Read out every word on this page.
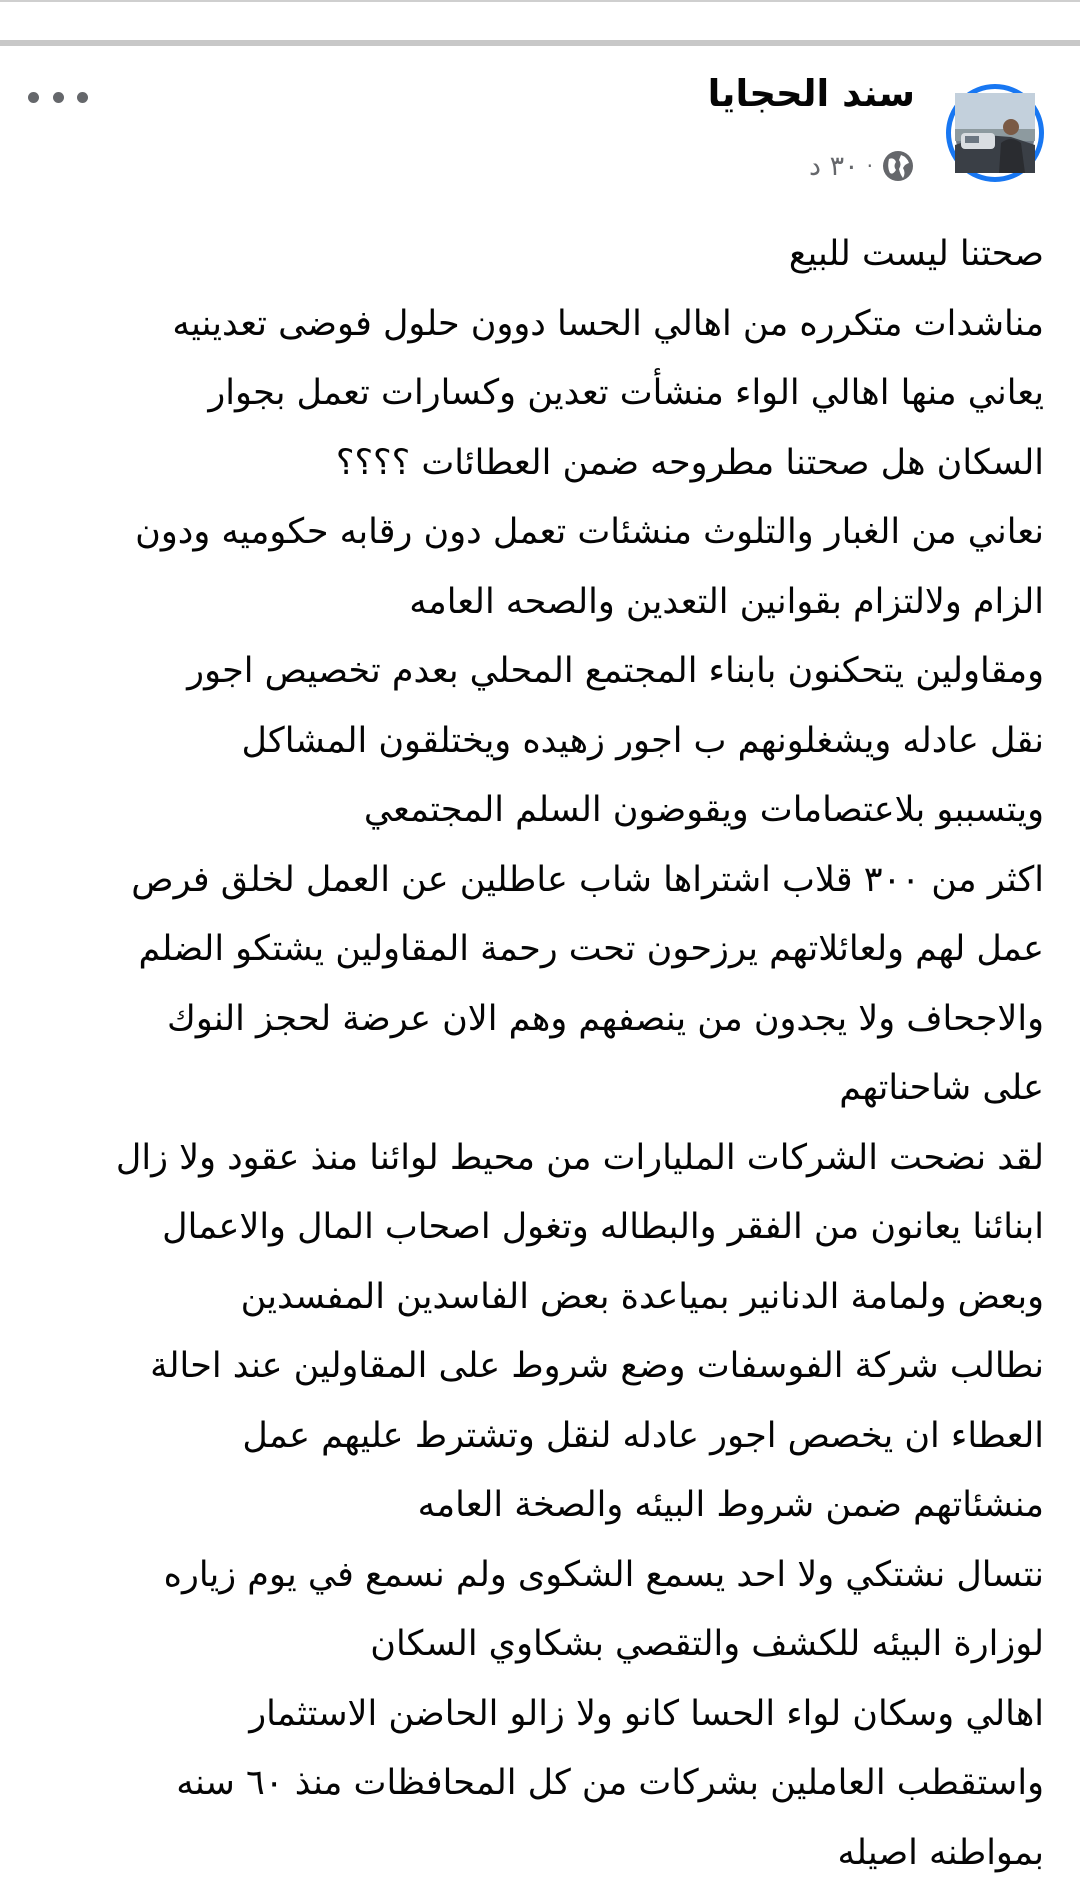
سند الحجايا
٣٠ د ·
صحتنا ليست للبيع
مناشدات متكرره من اهالي الحسا دوون حلول فوضى تعدينيه
يعاني منها اهالي الواء منشأت تعدين وكسارات تعمل بجوار
السكان هل صحتنا مطروحه ضمن العطائات ؟؟؟؟
نعاني من الغبار والتلوث منشئات تعمل دون رقابه حكوميه ودون
الزام ولالتزام بقوانين التعدين والصحه العامه
ومقاولين يتحكنون بابناء المجتمع المحلي بعدم تخصيص اجور
نقل عادله ويشغلونهم ب اجور زهيده ويختلقون المشاكل
ويتسببو بلاعتصامات ويقوضون السلم المجتمعي
اكثر من ٣٠٠ قلاب اشتراها شاب عاطلين عن العمل لخلق فرص
عمل لهم ولعائلاتهم يرزحون تحت رحمة المقاولين يشتكو الضلم
والاجحاف ولا يجدون من ينصفهم وهم الان عرضة لحجز النوك
على شاحناتهم
لقد نضحت الشركات المليارات من محيط لوائنا منذ عقود ولا زال
ابنائنا يعانون من الفقر والبطاله وتغول اصحاب المال والاعمال
وبعض ولمامة الدنانير بمياعدة بعض الفاسدين المفسدين
نطالب شركة الفوسفات وضع شروط على المقاولين عند احالة
العطاء ان يخصص اجور عادله لنقل وتشترط عليهم عمل
منشئاتهم ضمن شروط البيئه والصخة العامه
نتسال نشتكي ولا احد يسمع الشكوى ولم نسمع في يوم زياره
لوزارة البيئه للكشف والتقصي بشكاوي السكان
اهالي وسكان لواء الحسا كانو ولا زالو الحاضن الاستثمار
واستقطب العاملين بشركات من كل المحافظات منذ ٦٠ سنه
بمواطنه اصيله
